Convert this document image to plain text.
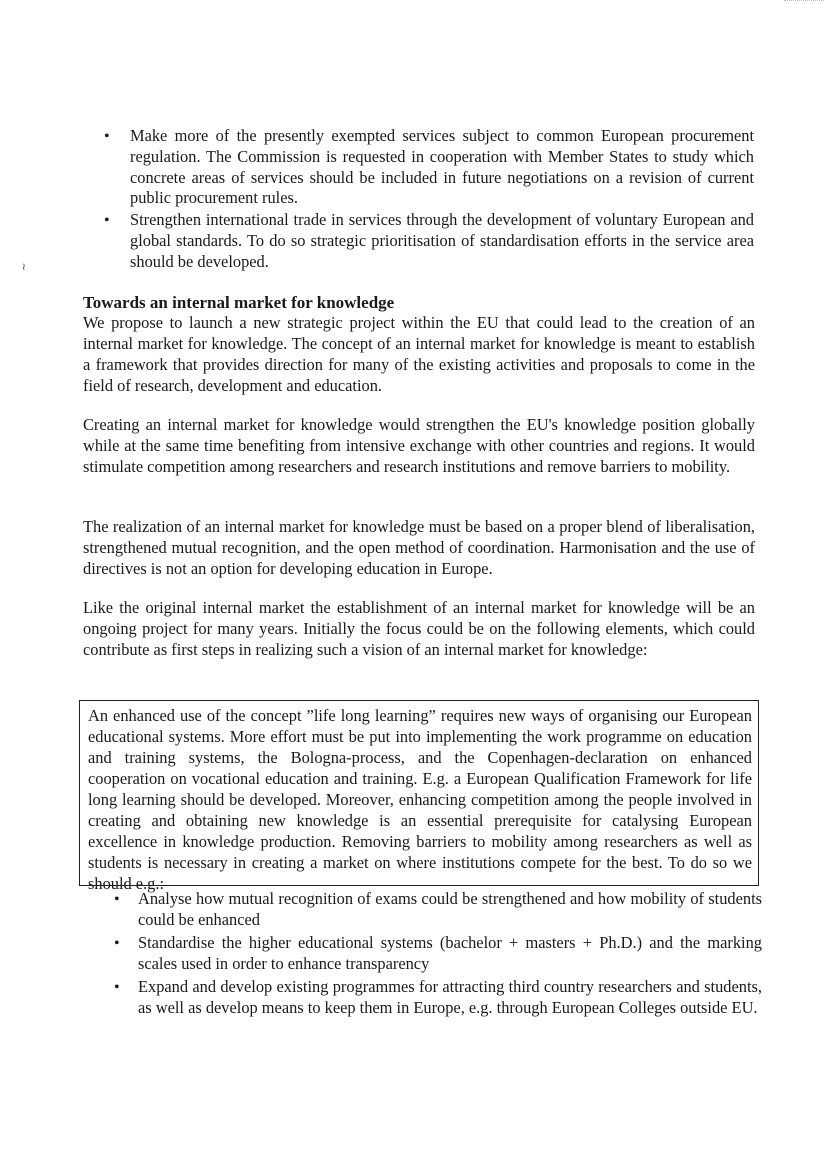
≀
• Make more of the presently exempted services subject to common European procurement regulation. The Commission is requested in cooperation with Member States to study which concrete areas of services should be included in future negotiations on a revision of current public procurement rules.
• Strengthen international trade in services through the development of voluntary European and global standards. To do so strategic prioritisation of standardisation efforts in the service area should be developed.
Towards an internal market for knowledge

We propose to launch a new strategic project within the EU that could lead to the creation of an internal market for knowledge. The concept of an internal market for knowledge is meant to establish a framework that provides direction for many of the existing activities and proposals to come in the field of research, development and education.

Creating an internal market for knowledge would strengthen the EU's knowledge position globally while at the same time benefiting from intensive exchange with other countries and regions. It would stimulate competition among researchers and research institutions and remove barriers to mobility.

The realization of an internal market for knowledge must be based on a proper blend of liberalisation, strengthened mutual recognition, and the open method of coordination. Harmonisation and the use of directives is not an option for developing education in Europe.

Like the original internal market the establishment of an internal market for knowledge will be an ongoing project for many years. Initially the focus could be on the following elements, which could contribute as first steps in realizing such a vision of an internal market for knowledge:

An enhanced use of the concept ”life long learning” requires new ways of organising our European educational systems. More effort must be put into implementing the work programme on education and training systems, the Bologna-process, and the Copenhagen-declaration on enhanced cooperation on vocational education and training. E.g. a European Qualification Framework for life long learning should be developed. Moreover, enhancing competition among the people involved in creating and obtaining new knowledge is an essential prerequisite for catalysing European excellence in knowledge production. Removing barriers to mobility among researchers as well as students is necessary in creating a market on where institutions compete for the best. To do so we should e.g.:

• Analyse how mutual recognition of exams could be strengthened and how mobility of students could be enhanced
• Standardise the higher educational systems (bachelor + masters + Ph.D.) and the marking scales used in order to enhance transparency
• Expand and develop existing programmes for attracting third country researchers and students, as well as develop means to keep them in Europe, e.g. through European Colleges outside EU.
